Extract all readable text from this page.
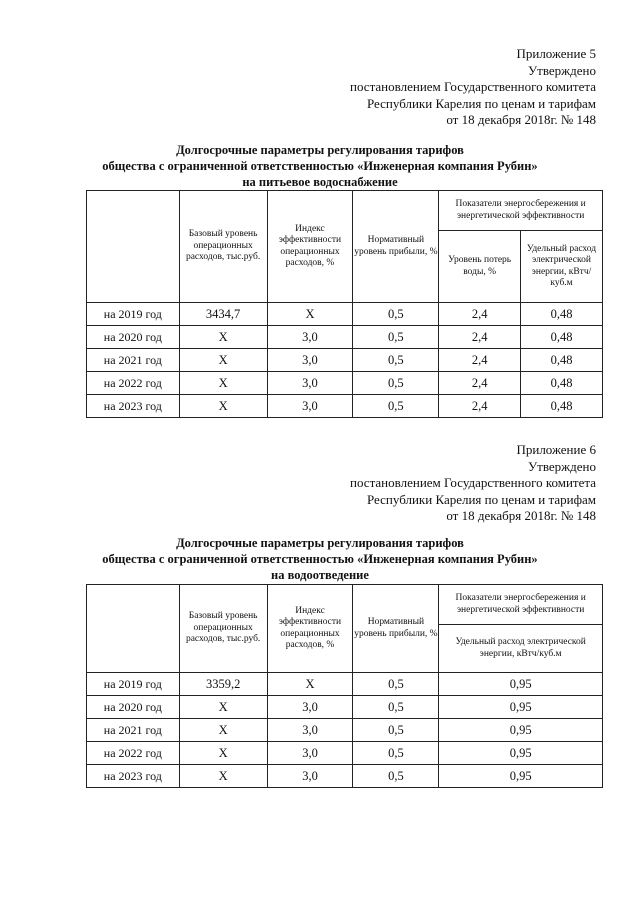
Приложение 5
Утверждено
постановлением Государственного комитета
Республики Карелия по ценам и тарифам
от 18 декабря 2018г. № 148
Долгосрочные параметры регулирования тарифов
общества с ограниченной ответственностью «Инженерная компания Рубин»
на питьевое водоснабжение
	Базовый уровень операционных расходов, тыс.руб.	Индекс эффективности операционных расходов, %	Нормативный уровень прибыли, %	Показатели энергосбережения и энергетической эффективности	
				Уровень потерь воды, %	Удельный расход электрической энергии, кВтч/куб.м
на 2019 год	3434,7	X	0,5	2,4	0,48
на 2020 год	X	3,0	0,5	2,4	0,48
на 2021 год	X	3,0	0,5	2,4	0,48
на 2022 год	X	3,0	0,5	2,4	0,48
на 2023 год	X	3,0	0,5	2,4	0,48
Приложение 6
Утверждено
постановлением Государственного комитета
Республики Карелия по ценам и тарифам
от 18 декабря 2018г. № 148
Долгосрочные параметры регулирования тарифов
общества с ограниченной ответственностью «Инженерная компания Рубин»
на водоотведение
	Базовый уровень операционных расходов, тыс.руб.	Индекс эффективности операционных расходов, %	Нормативный уровень прибыли, %	Показатели энергосбережения и энергетической эффективности
				Удельный расход электрической энергии, кВтч/куб.м
на 2019 год	3359,2	X	0,5	0,95
на 2020 год	X	3,0	0,5	0,95
на 2021 год	X	3,0	0,5	0,95
на 2022 год	X	3,0	0,5	0,95
на 2023 год	X	3,0	0,5	0,95
